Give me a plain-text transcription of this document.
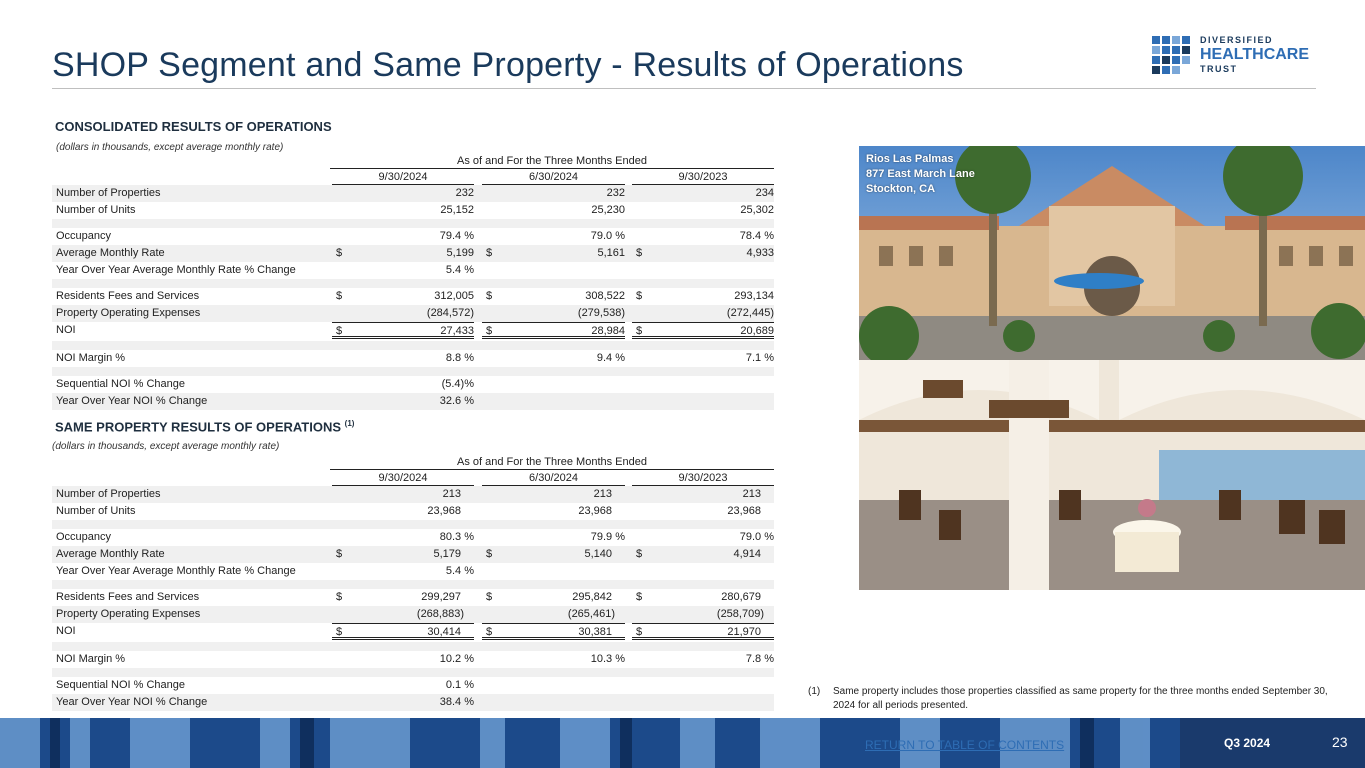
SHOP Segment and Same Property - Results of Operations
DIVERSIFIED
HEALTHCARE
TRUST
CONSOLIDATED RESULTS OF OPERATIONS
(dollars in thousands, except average monthly rate)
As of and For the Three Months Ended
9/30/2024	6/30/2024	9/30/2023
Number of Properties	232	232	234
Number of Units	25,152	25,230	25,302
Occupancy	79.4 %	79.0 %	78.4 %
Average Monthly Rate	$	5,199 $	5,161 $	4,933
Year Over Year Average Monthly Rate % Change	5.4 %
Residents Fees and Services	$	312,005 $	308,522 $	293,134
Property Operating Expenses	(284,572)	(279,538)	(272,445)
NOI	$	27,433 $	28,984 $	20,689
NOI Margin %	8.8 %	9.4 %	7.1 %
Sequential NOI % Change	(5.4)%
Year Over Year NOI % Change	32.6 %
SAME PROPERTY RESULTS OF OPERATIONS $^{(1)}$
(dollars in thousands, except average monthly rate)
As of and For the Three Months Ended
9/30/2024	6/30/2024	9/30/2023
Number of Properties	213	213	213
Number of Units	23,968	23,968	23,968
Occupancy	80.3 %	79.9 %	79.0 %
Average Monthly Rate	$	5,179 $	5,140 $	4,914
Year Over Year Average Monthly Rate % Change	5.4 %
Residents Fees and Services	$	299,297 $	295,842 $	280,679
Property Operating Expenses	(268,883)	(265,461)	(258,709)
NOI	$	30,414 $	30,381 $	21,970
NOI Margin %	10.2 %	10.3 %	7.8 %
Sequential NOI % Change	0.1 %
Year Over Year NOI % Change	38.4 %
Rios Las Palmas
877 East March Lane
Stockton, CA
(1) Same property includes those properties classified as same property for the three months ended September 30, 2024 for all periods presented.
RETURN TO TABLE OF CONTENTS	Q3 2024	23
